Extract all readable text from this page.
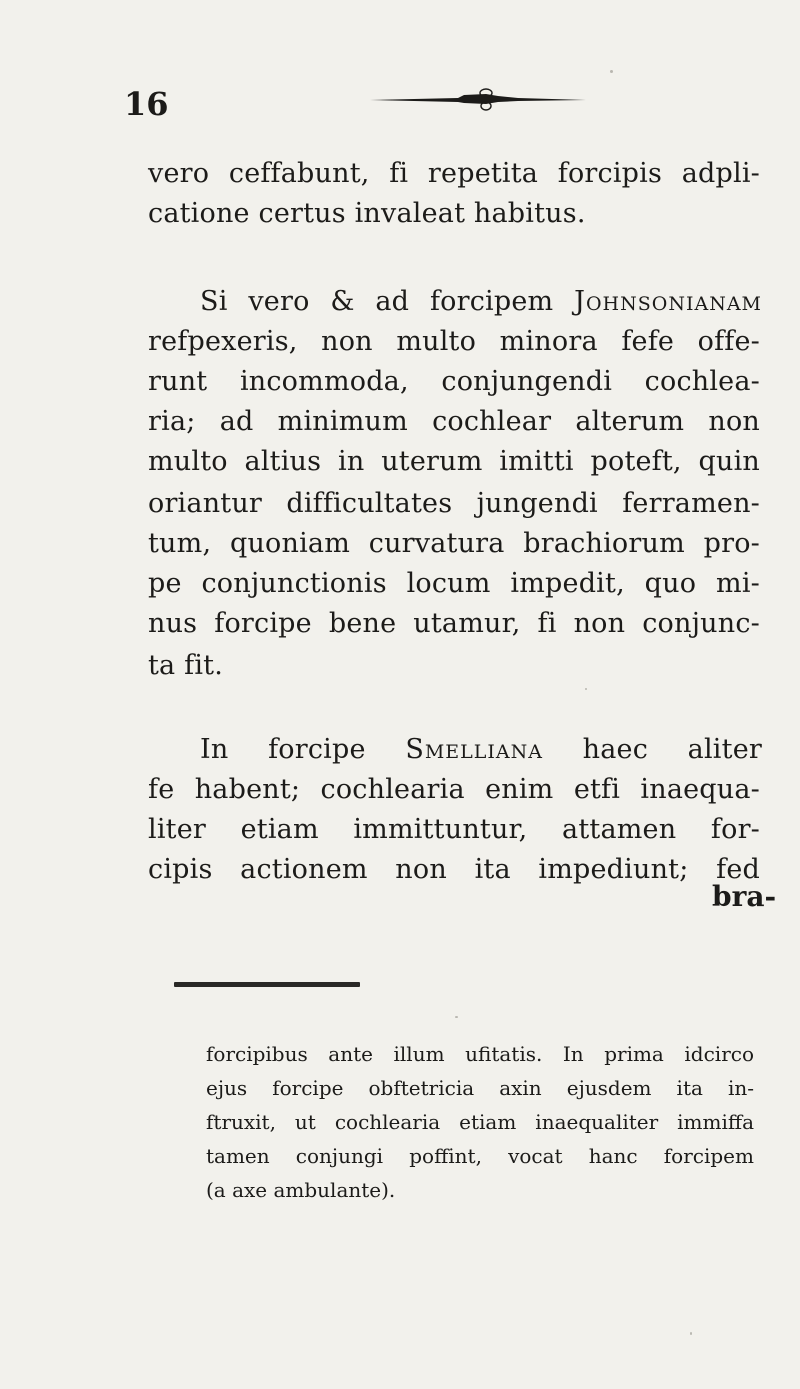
16
vero ceffabunt, fi repetita forcipis adpli-
catione certus invaleat habitus.
Si vero & ad forcipem Johnsonianam
refpexeris, non multo minora fefe offe-
runt incommoda, conjungendi cochlea-
ria; ad minimum cochlear alterum non
multo altius in uterum imitti poteft, quin
oriantur difficultates jungendi ferramen-
tum, quoniam curvatura brachiorum pro-
pe conjunctionis locum impedit, quo mi-
nus forcipe bene utamur, fi non conjunc-
ta fit.
In forcipe Smelliana haec aliter
fe habent; cochlearia enim etfi inaequa-
liter etiam immittuntur, attamen for-
cipis actionem non ita impediunt; fed
bra-
forcipibus ante illum ufitatis. In prima idcirco
ejus forcipe obftetricia axin ejusdem ita in-
ftruxit, ut cochlearia etiam inaequaliter immiffa
tamen conjungi poffint, vocat hanc forcipem
(a axe ambulante).
